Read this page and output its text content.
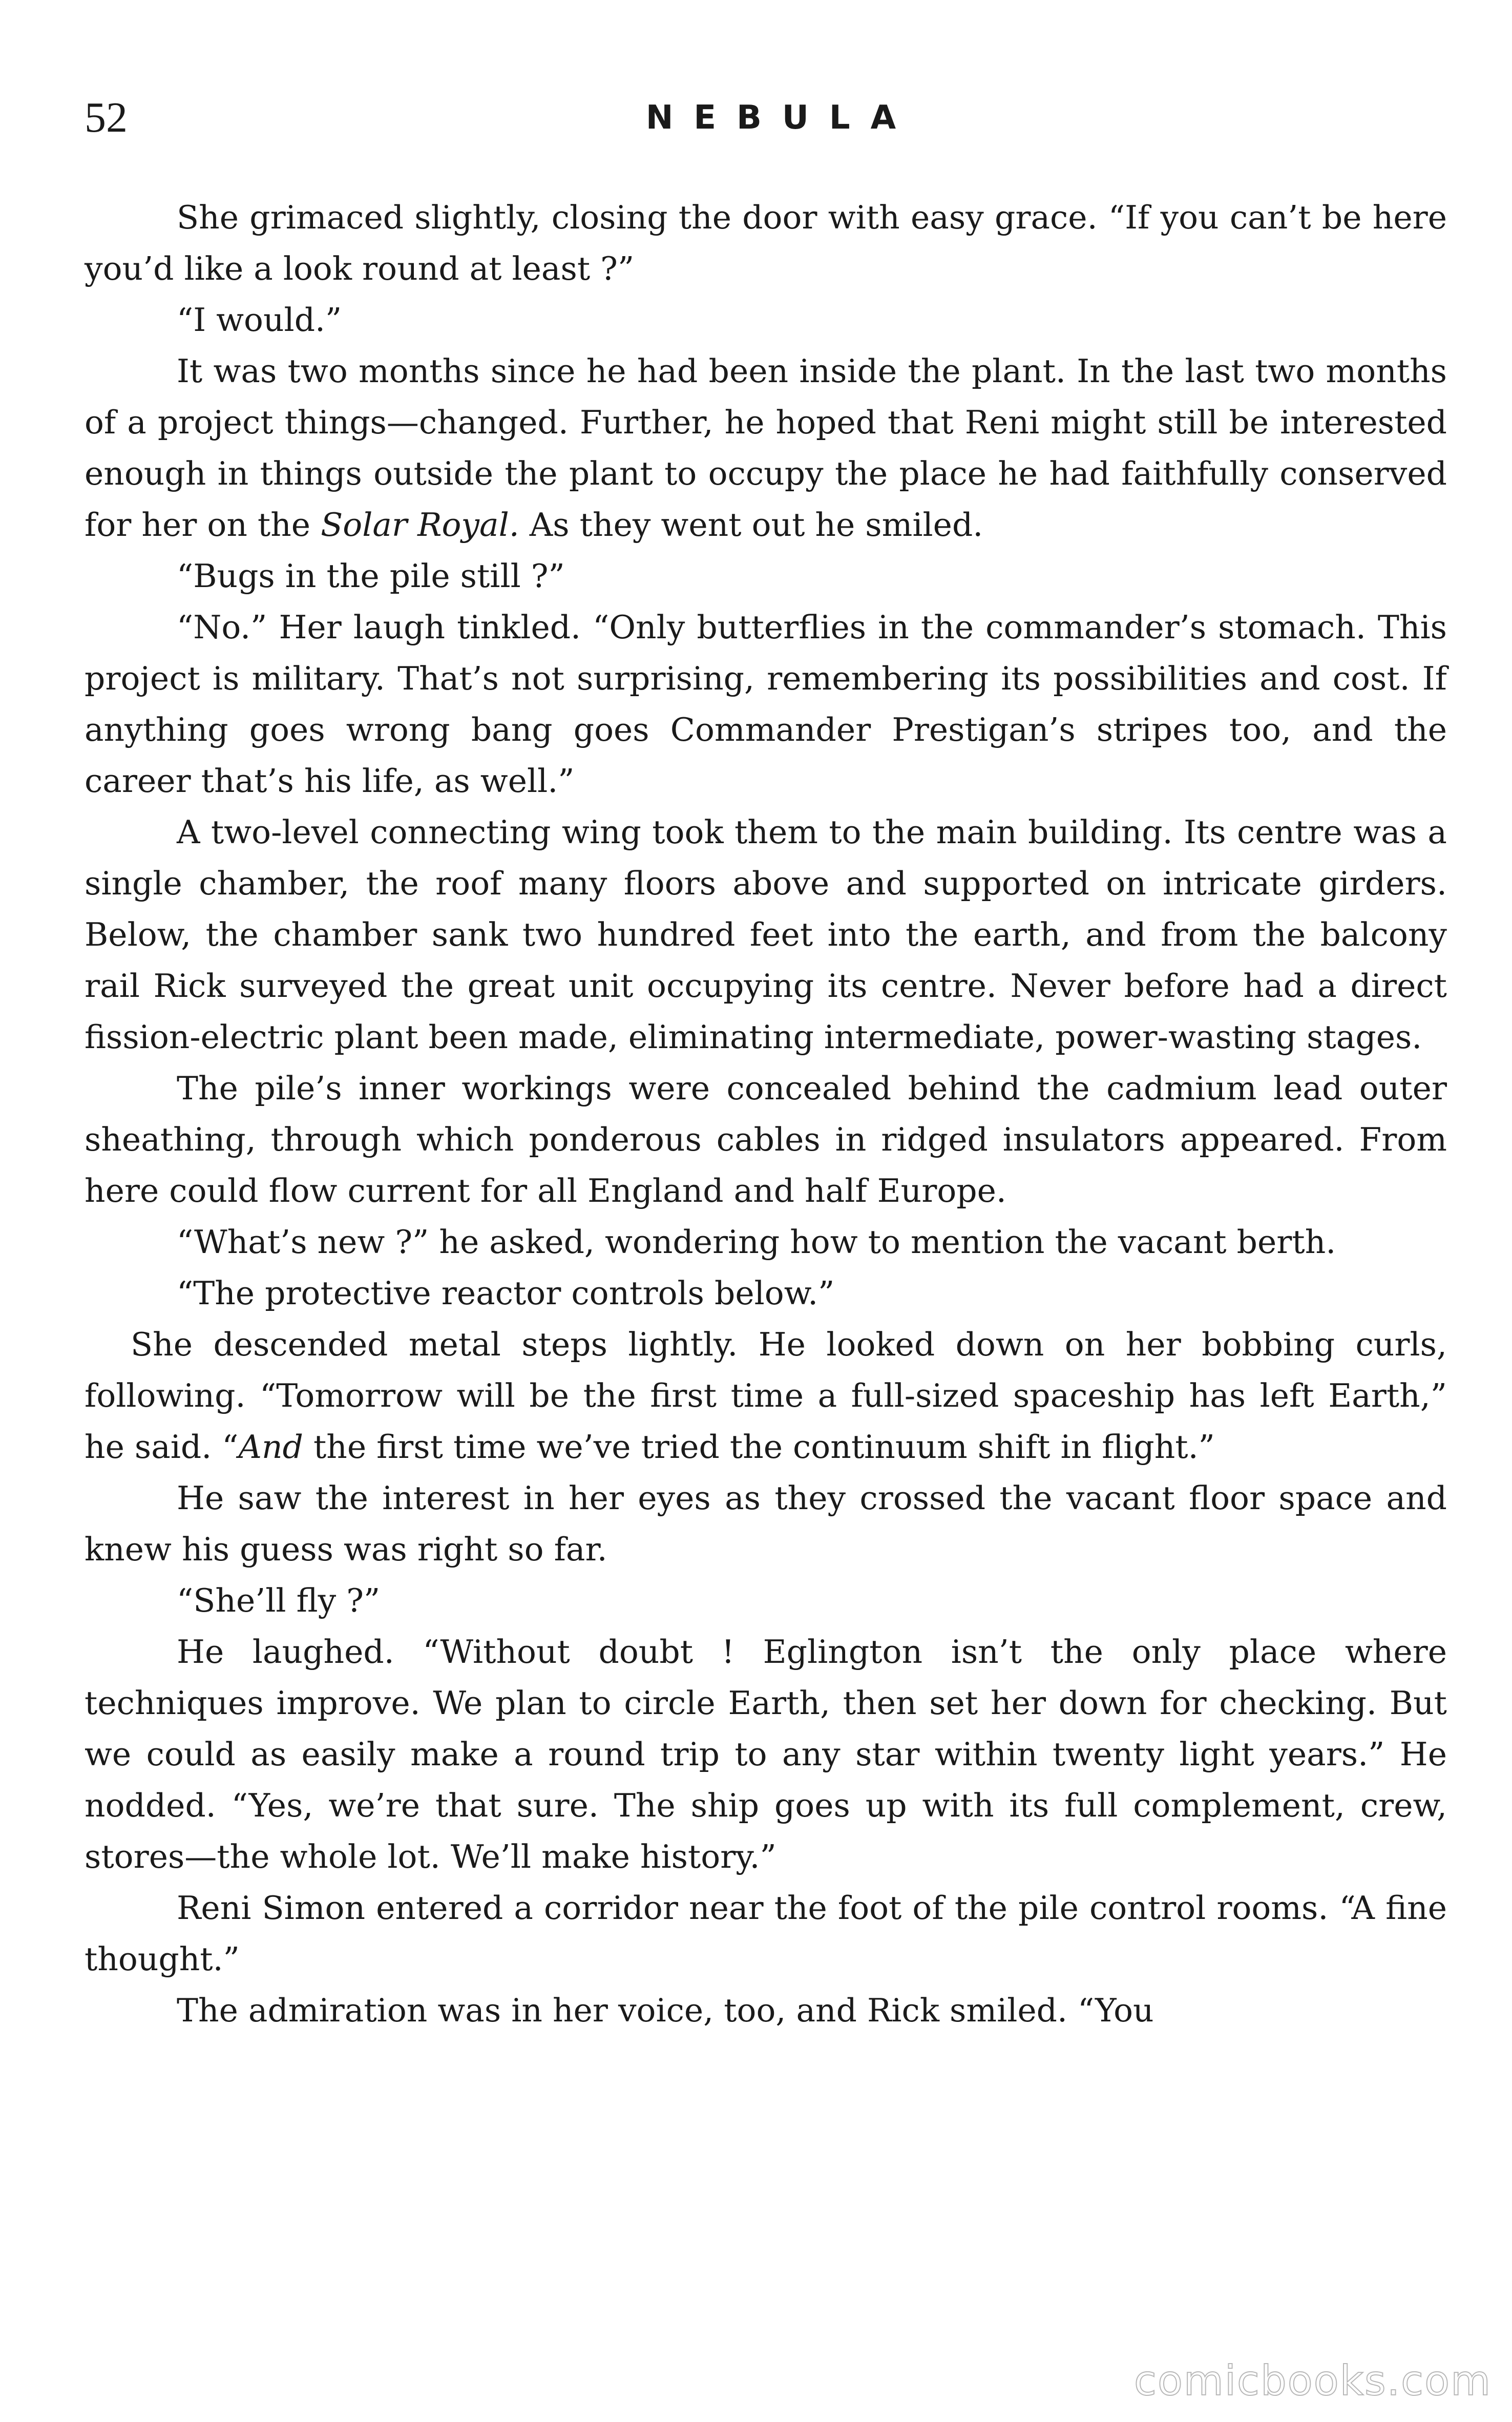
52	NEBULA

She grimaced slightly, closing the door with easy grace. “If you can’t be here you’d like a look round at least ?”

“I would.”

It was two months since he had been inside the plant. In the last two months of a project things—changed. Further, he hoped that Reni might still be interested enough in things outside the plant to occupy the place he had faithfully conserved for her on the Solar Royal. As they went out he smiled.

“Bugs in the pile still ?”

“No.” Her laugh tinkled. “Only butterflies in the commander’s stomach. This project is military. That’s not surprising, remembering its possibilities and cost. If anything goes wrong bang goes Commander Prestigan’s stripes too, and the career that’s his life, as well.”

A two-level connecting wing took them to the main building. Its centre was a single chamber, the roof many floors above and supported on intricate girders. Below, the chamber sank two hundred feet into the earth, and from the balcony rail Rick surveyed the great unit occupying its centre. Never before had a direct fission-electric plant been made, eliminating intermediate, power-wasting stages.

The pile’s inner workings were concealed behind the cadmium lead outer sheathing, through which ponderous cables in ridged insulators appeared. From here could flow current for all England and half Europe.

“What’s new ?” he asked, wondering how to mention the vacant berth.

“The protective reactor controls below.”

She descended metal steps lightly. He looked down on her bobbing curls, following. “Tomorrow will be the first time a full-sized spaceship has left Earth,” he said. “And the first time we’ve tried the continuum shift in flight.”

He saw the interest in her eyes as they crossed the vacant floor space and knew his guess was right so far.

“She’ll fly ?”

He laughed. “Without doubt ! Eglington isn’t the only place where techniques improve. We plan to circle Earth, then set her down for checking. But we could as easily make a round trip to any star within twenty light years.” He nodded. “Yes, we’re that sure. The ship goes up with its full complement, crew, stores—the whole lot. We’ll make history.”

Reni Simon entered a corridor near the foot of the pile control rooms. “A fine thought.”

The admiration was in her voice, too, and Rick smiled. “You

comicbooks.com
